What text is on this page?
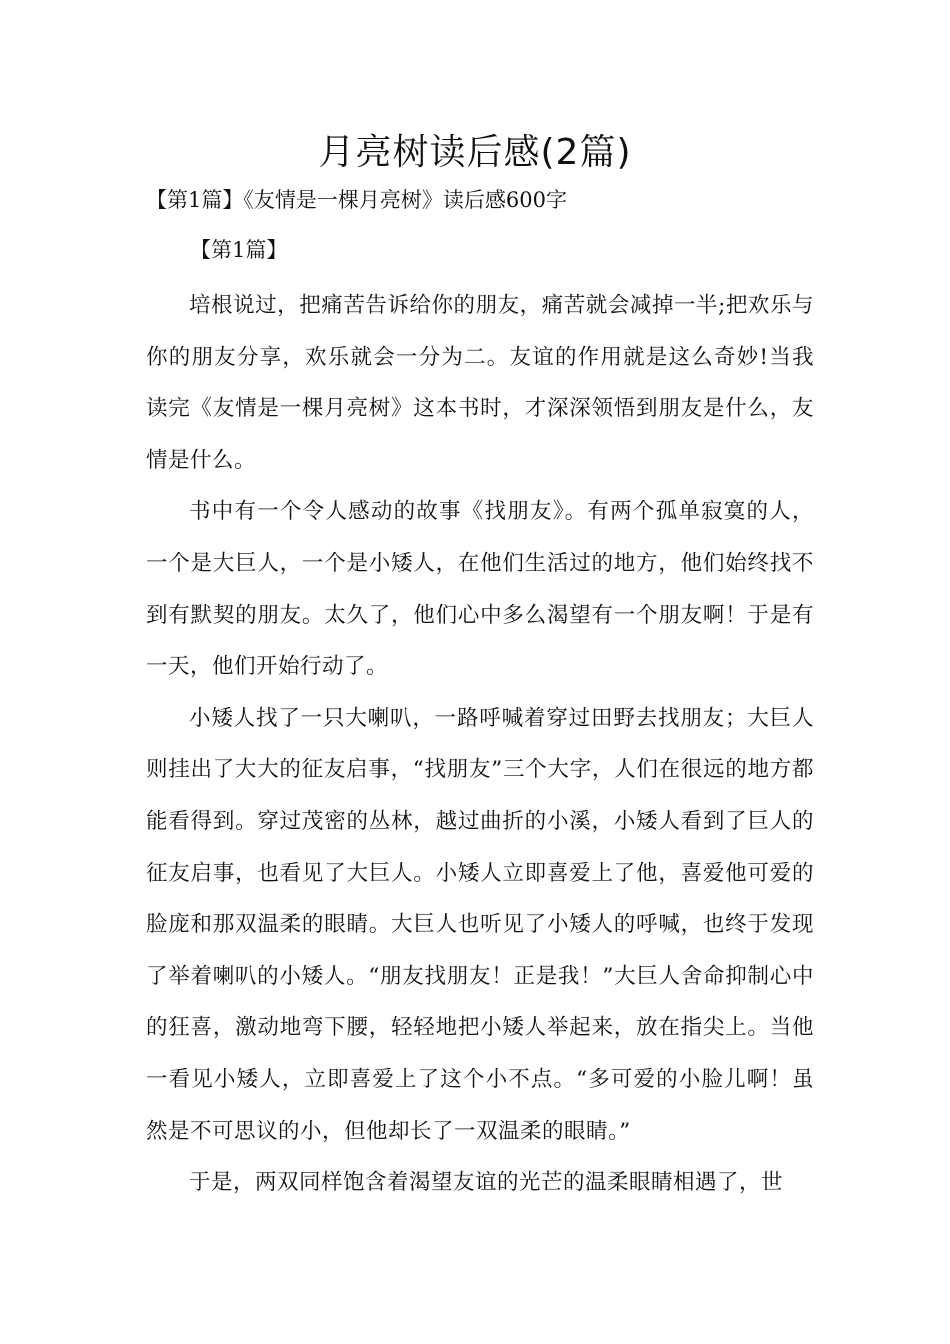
月亮树读后感(2篇)
【第1篇】《友情是一棵月亮树》读后感600字
【第1篇】

培根说过，把痛苦告诉给你的朋友，痛苦就会减掉一半;把欢乐与你的朋友分享，欢乐就会一分为二。友谊的作用就是这么奇妙!当我读完《友情是一棵月亮树》这本书时，才深深领悟到朋友是什么，友情是什么。

书中有一个令人感动的故事《找朋友》。有两个孤单寂寞的人，一个是大巨人，一个是小矮人，在他们生活过的地方，他们始终找不到有默契的朋友。太久了，他们心中多么渴望有一个朋友啊！于是有一天，他们开始行动了。

小矮人找了一只大喇叭，一路呼喊着穿过田野去找朋友；大巨人则挂出了大大的征友启事，“找朋友”三个大字，人们在很远的地方都能看得到。穿过茂密的丛林，越过曲折的小溪，小矮人看到了巨人的征友启事，也看见了大巨人。小矮人立即喜爱上了他，喜爱他可爱的脸庞和那双温柔的眼睛。大巨人也听见了小矮人的呼喊，也终于发现了举着喇叭的小矮人。“朋友找朋友！正是我！”大巨人舍命抑制心中的狂喜，激动地弯下腰，轻轻地把小矮人举起来，放在指尖上。当他一看见小矮人，立即喜爱上了这个小不点。“多可爱的小脸儿啊！虽然是不可思议的小，但他却长了一双温柔的眼睛。”

于是，两双同样饱含着渴望友谊的光芒的温柔眼睛相遇了，世
